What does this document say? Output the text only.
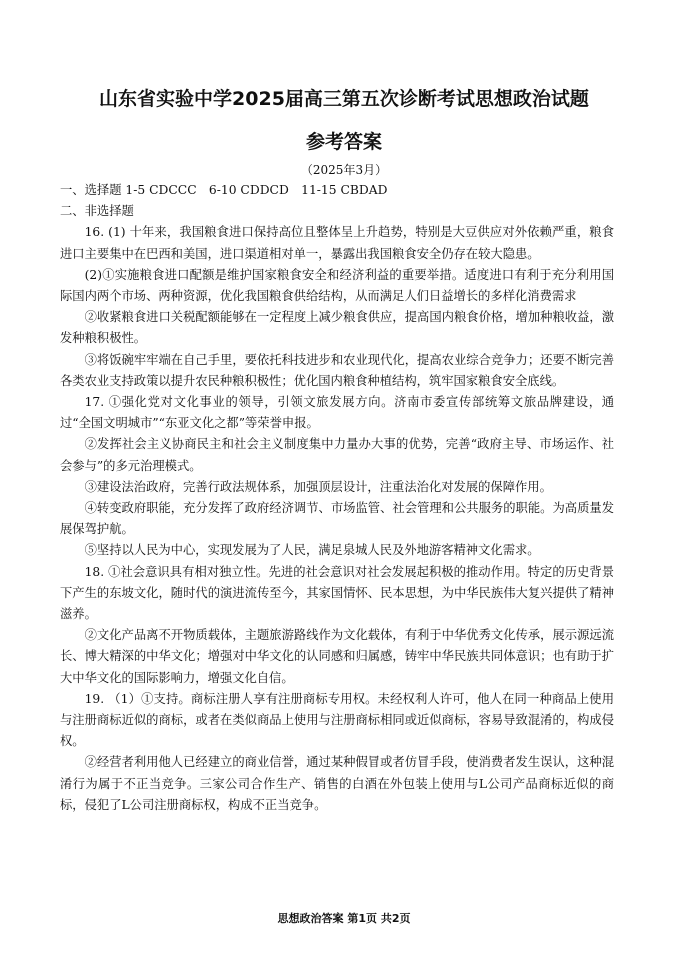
山东省实验中学2025届高三第五次诊断考试思想政治试题
参考答案
（2025年3月）

一、选择题 1-5 CDCCC　6-10 CDDCD　11-15 CBDAD

二、非选择题

16. (1) 十年来，我国粮食进口保持高位且整体呈上升趋势，特别是大豆供应对外依赖严重，粮食进口主要集中在巴西和美国，进口渠道相对单一，暴露出我国粮食安全仍存在较大隐患。

(2)①实施粮食进口配额是维护国家粮食安全和经济利益的重要举措。适度进口有利于充分利用国际国内两个市场、两种资源，优化我国粮食供给结构，从而满足人们日益增长的多样化消费需求

②收紧粮食进口关税配额能够在一定程度上减少粮食供应，提高国内粮食价格，增加种粮收益，激发种粮积极性。

③将饭碗牢牢端在自己手里，要依托科技进步和农业现代化，提高农业综合竞争力；还要不断完善各类农业支持政策以提升农民种粮积极性；优化国内粮食种植结构，筑牢国家粮食安全底线。

17. ①强化党对文化事业的领导，引领文旅发展方向。济南市委宣传部统筹文旅品牌建设，通过“全国文明城市”“东亚文化之都”等荣誉申报。

②发挥社会主义协商民主和社会主义制度集中力量办大事的优势，完善“政府主导、市场运作、社会参与”的多元治理模式。

③建设法治政府，完善行政法规体系，加强顶层设计，注重法治化对发展的保障作用。

④转变政府职能，充分发挥了政府经济调节、市场监管、社会管理和公共服务的职能。为高质量发展保驾护航。

⑤坚持以人民为中心，实现发展为了人民，满足泉城人民及外地游客精神文化需求。

18. ①社会意识具有相对独立性。先进的社会意识对社会发展起积极的推动作用。特定的历史背景下产生的东坡文化，随时代的演进流传至今，其家国情怀、民本思想，为中华民族伟大复兴提供了精神滋养。

②文化产品离不开物质载体，主题旅游路线作为文化载体，有利于中华优秀文化传承，展示源远流长、博大精深的中华文化；增强对中华文化的认同感和归属感，铸牢中华民族共同体意识；也有助于扩大中华文化的国际影响力，增强文化自信。

19. （1）①支持。商标注册人享有注册商标专用权。未经权利人许可，他人在同一种商品上使用与注册商标近似的商标，或者在类似商品上使用与注册商标相同或近似商标，容易导致混淆的，构成侵权。

②经营者利用他人已经建立的商业信誉，通过某种假冒或者仿冒手段，使消费者发生误认，这种混淆行为属于不正当竞争。三家公司合作生产、销售的白酒在外包装上使用与L公司产品商标近似的商标，侵犯了L公司注册商标权，构成不正当竞争。

思想政治答案 第1页 共2页
